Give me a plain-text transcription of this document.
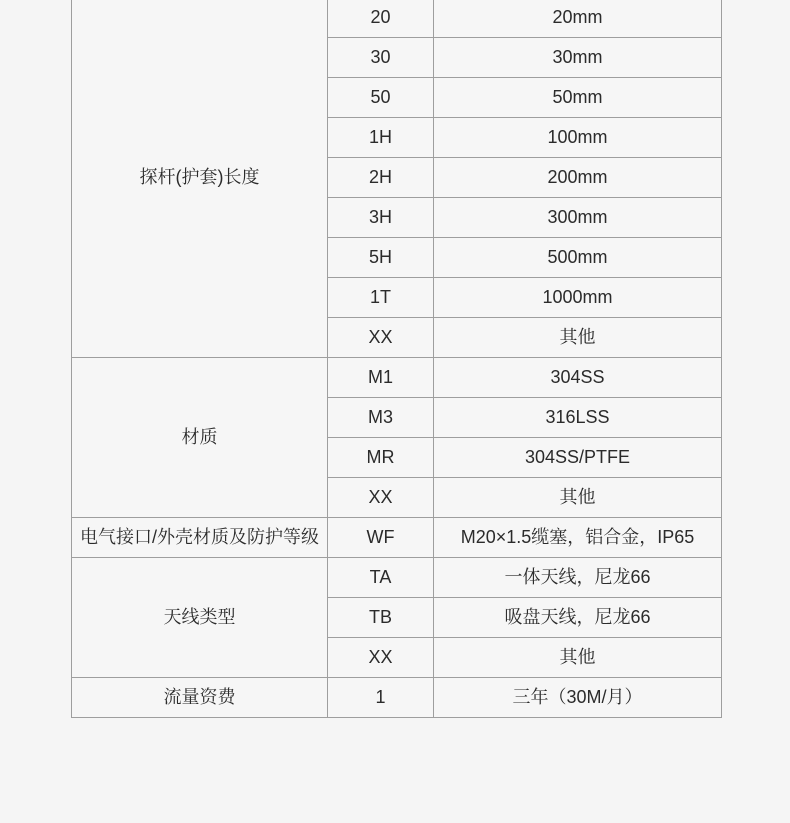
探杆(护套)长度	20	20mm
	30	30mm
	50	50mm
	1H	100mm
	2H	200mm
	3H	300mm
	5H	500mm
	1T	1000mm
	XX	其他
材质	M1	304SS
	M3	316LSS
	MR	304SS/PTFE
	XX	其他
电气接口/外壳材质及防护等级	WF	M20×1.5缆塞，铝合金，IP65
天线类型	TA	一体天线，尼龙66
	TB	吸盘天线，尼龙66
	XX	其他
流量资费	1	三年（30M/月）
